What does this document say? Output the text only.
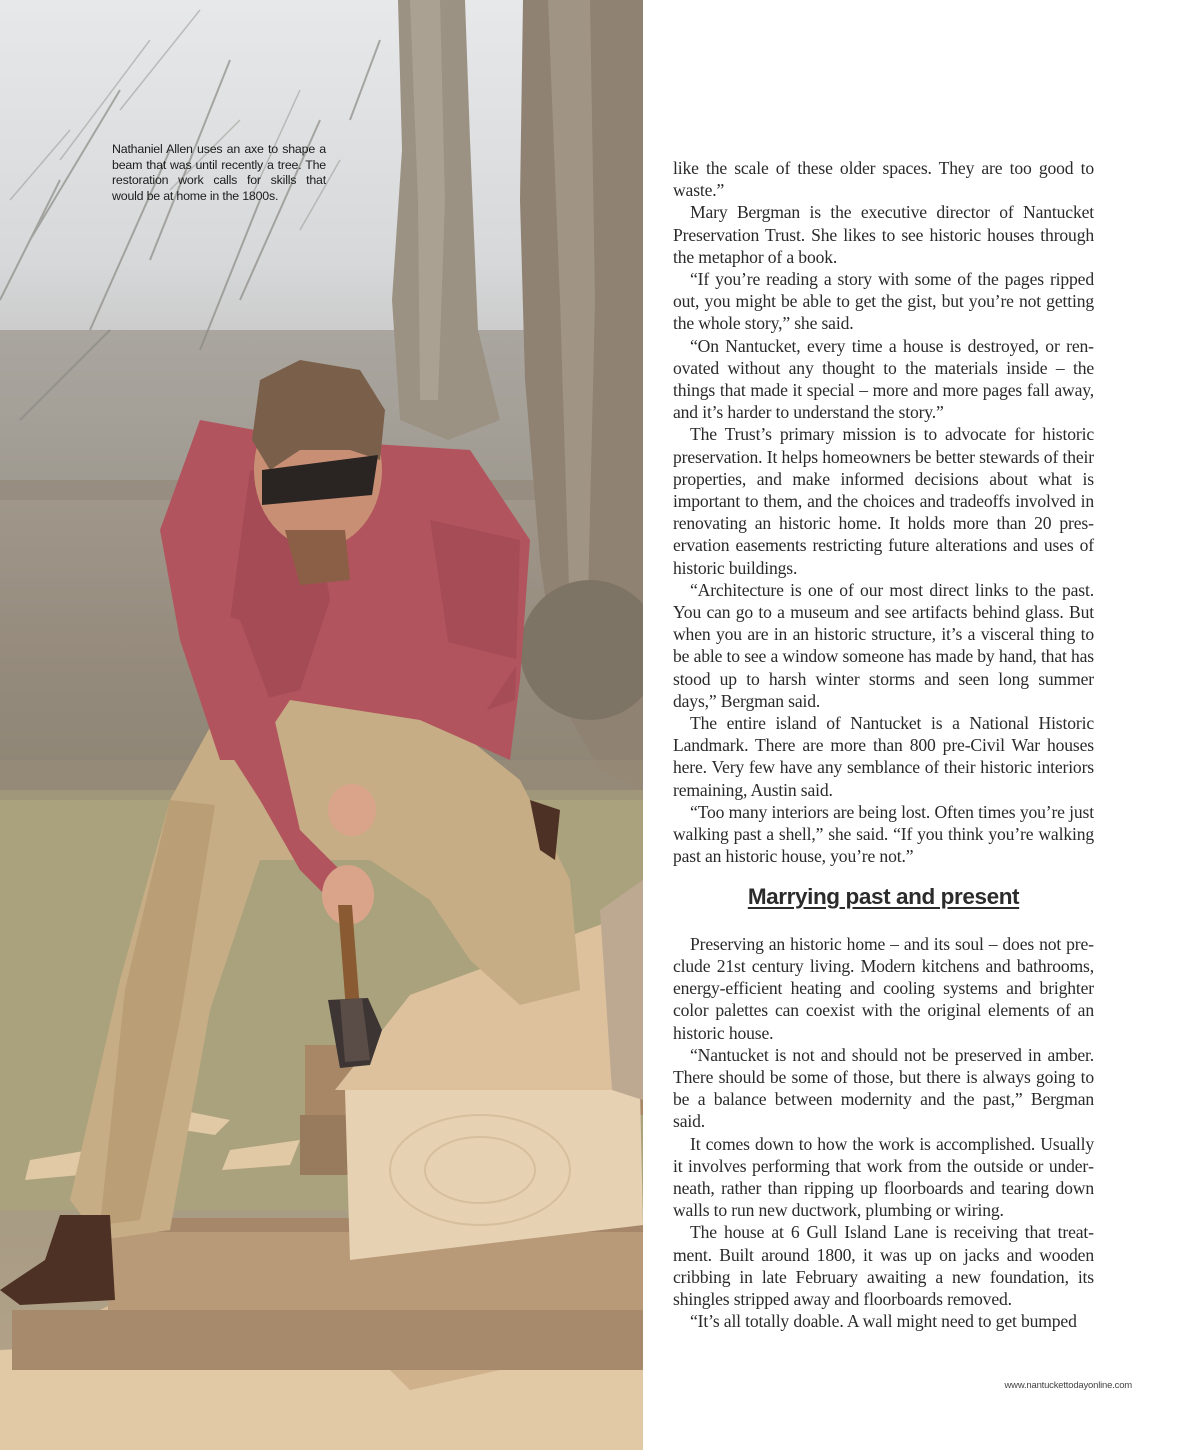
Nathaniel Allen uses an axe to shape a beam that was until recently a tree. The restoration work calls for skills that would be at home in the 1800s.

like the scale of these older spaces. They are too good to waste.”

Mary Bergman is the executive director of Nantucket Preservation Trust. She likes to see historic houses through the metaphor of a book.

“If you’re reading a story with some of the pages ripped out, you might be able to get the gist, but you’re not getting the whole story,” she said.

“On Nantucket, every time a house is destroyed, or renovated without any thought to the materials inside – the things that made it special – more and more pages fall away, and it’s harder to understand the story.”

The Trust’s primary mission is to advocate for historic preservation. It helps homeowners be better stewards of their properties, and make informed decisions about what is important to them, and the choices and tradeoffs involved in renovating an historic home. It holds more than 20 preservation easements restricting future alterations and uses of historic buildings.

“Architecture is one of our most direct links to the past. You can go to a museum and see artifacts behind glass. But when you are in an historic structure, it’s a visceral thing to be able to see a window someone has made by hand, that has stood up to harsh winter storms and seen long summer days,” Bergman said.

The entire island of Nantucket is a National Historic Landmark. There are more than 800 pre-Civil War houses here. Very few have any semblance of their historic interiors remaining, Austin said.

“Too many interiors are being lost. Often times you’re just walking past a shell,” she said. “If you think you’re walking past an historic house, you’re not.”

Marrying past and present

Preserving an historic home – and its soul – does not preclude 21st century living. Modern kitchens and bathrooms, energy-efficient heating and cooling systems and brighter color palettes can coexist with the original elements of an historic house.

“Nantucket is not and should not be preserved in amber. There should be some of those, but there is always going to be a balance between modernity and the past,” Bergman said.

It comes down to how the work is accomplished. Usually it involves performing that work from the outside or underneath, rather than ripping up floorboards and tearing down walls to run new ductwork, plumbing or wiring.

The house at 6 Gull Island Lane is receiving that treatment. Built around 1800, it was up on jacks and wooden cribbing in late February awaiting a new foundation, its shingles stripped away and floorboards removed.

“It’s all totally doable. A wall might need to get bumped

www.nantuckettodayonline.com
